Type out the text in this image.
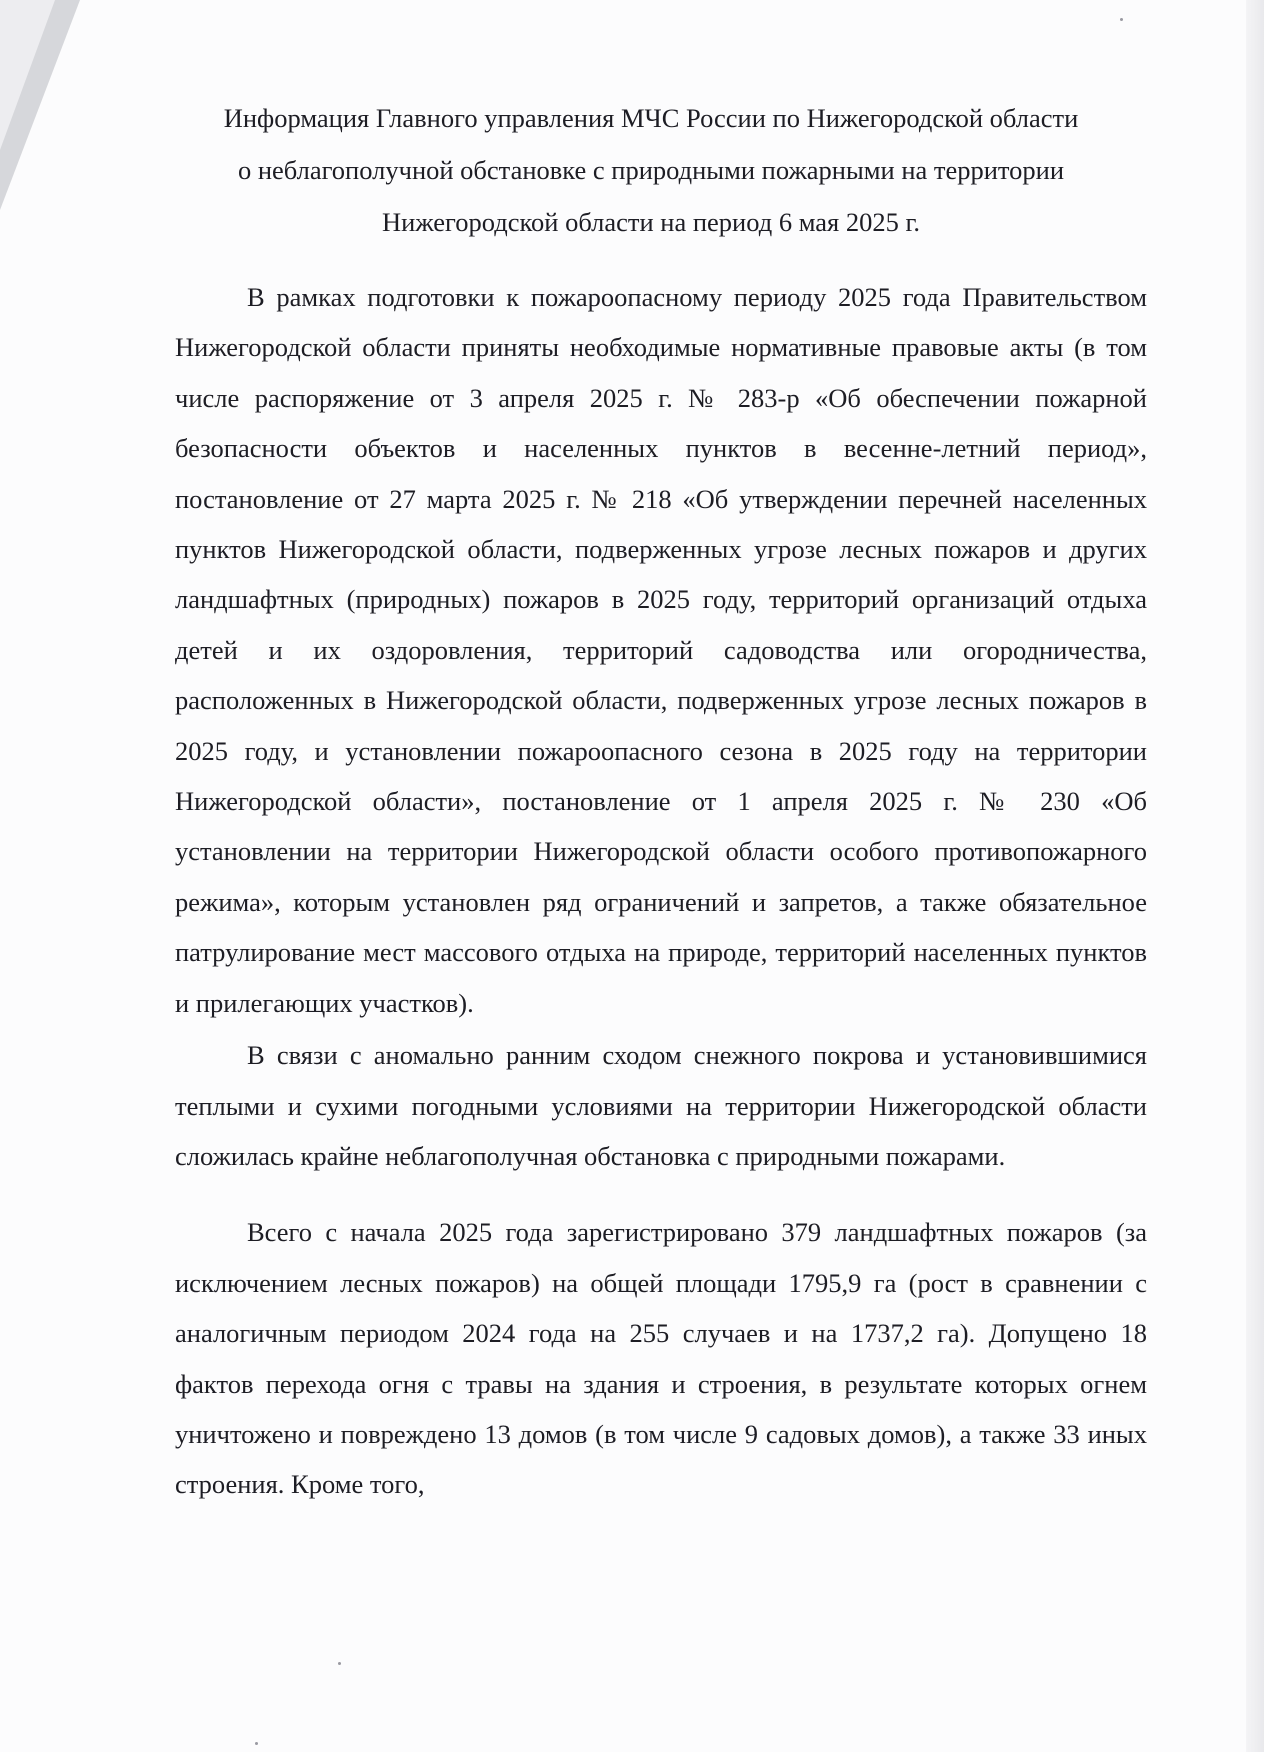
Информация Главного управления МЧС России по Нижегородской области
о неблагополучной обстановке с природными пожарными на территории
Нижегородской области на период 6 мая 2025 г.

В рамках подготовки к пожароопасному периоду 2025 года Правительством Нижегородской области приняты необходимые нормативные правовые акты (в том числе распоряжение от 3 апреля 2025 г. № 283-р «Об обеспечении пожарной безопасности объектов и населенных пунктов в весенне-летний период», постановление от 27 марта 2025 г. № 218 «Об утверждении перечней населенных пунктов Нижегородской области, подверженных угрозе лесных пожаров и других ландшафтных (природных) пожаров в 2025 году, территорий организаций отдыха детей и их оздоровления, территорий садоводства или огородничества, расположенных в Нижегородской области, подверженных угрозе лесных пожаров в 2025 году, и установлении пожароопасного сезона в 2025 году на территории Нижегородской области», постановление от 1 апреля 2025 г. № 230 «Об установлении на территории Нижегородской области особого противопожарного режима», которым установлен ряд ограничений и запретов, а также обязательное патрулирование мест массового отдыха на природе, территорий населенных пунктов и прилегающих участков).

В связи с аномально ранним сходом снежного покрова и установившимися теплыми и сухими погодными условиями на территории Нижегородской области сложилась крайне неблагополучная обстановка с природными пожарами.

Всего с начала 2025 года зарегистрировано 379 ландшафтных пожаров (за исключением лесных пожаров) на общей площади 1795,9 га (рост в сравнении с аналогичным периодом 2024 года на 255 случаев и на 1737,2 га). Допущено 18 фактов перехода огня с травы на здания и строения, в результате которых огнем уничтожено и повреждено 13 домов (в том числе 9 садовых домов), а также 33 иных строения. Кроме того,
